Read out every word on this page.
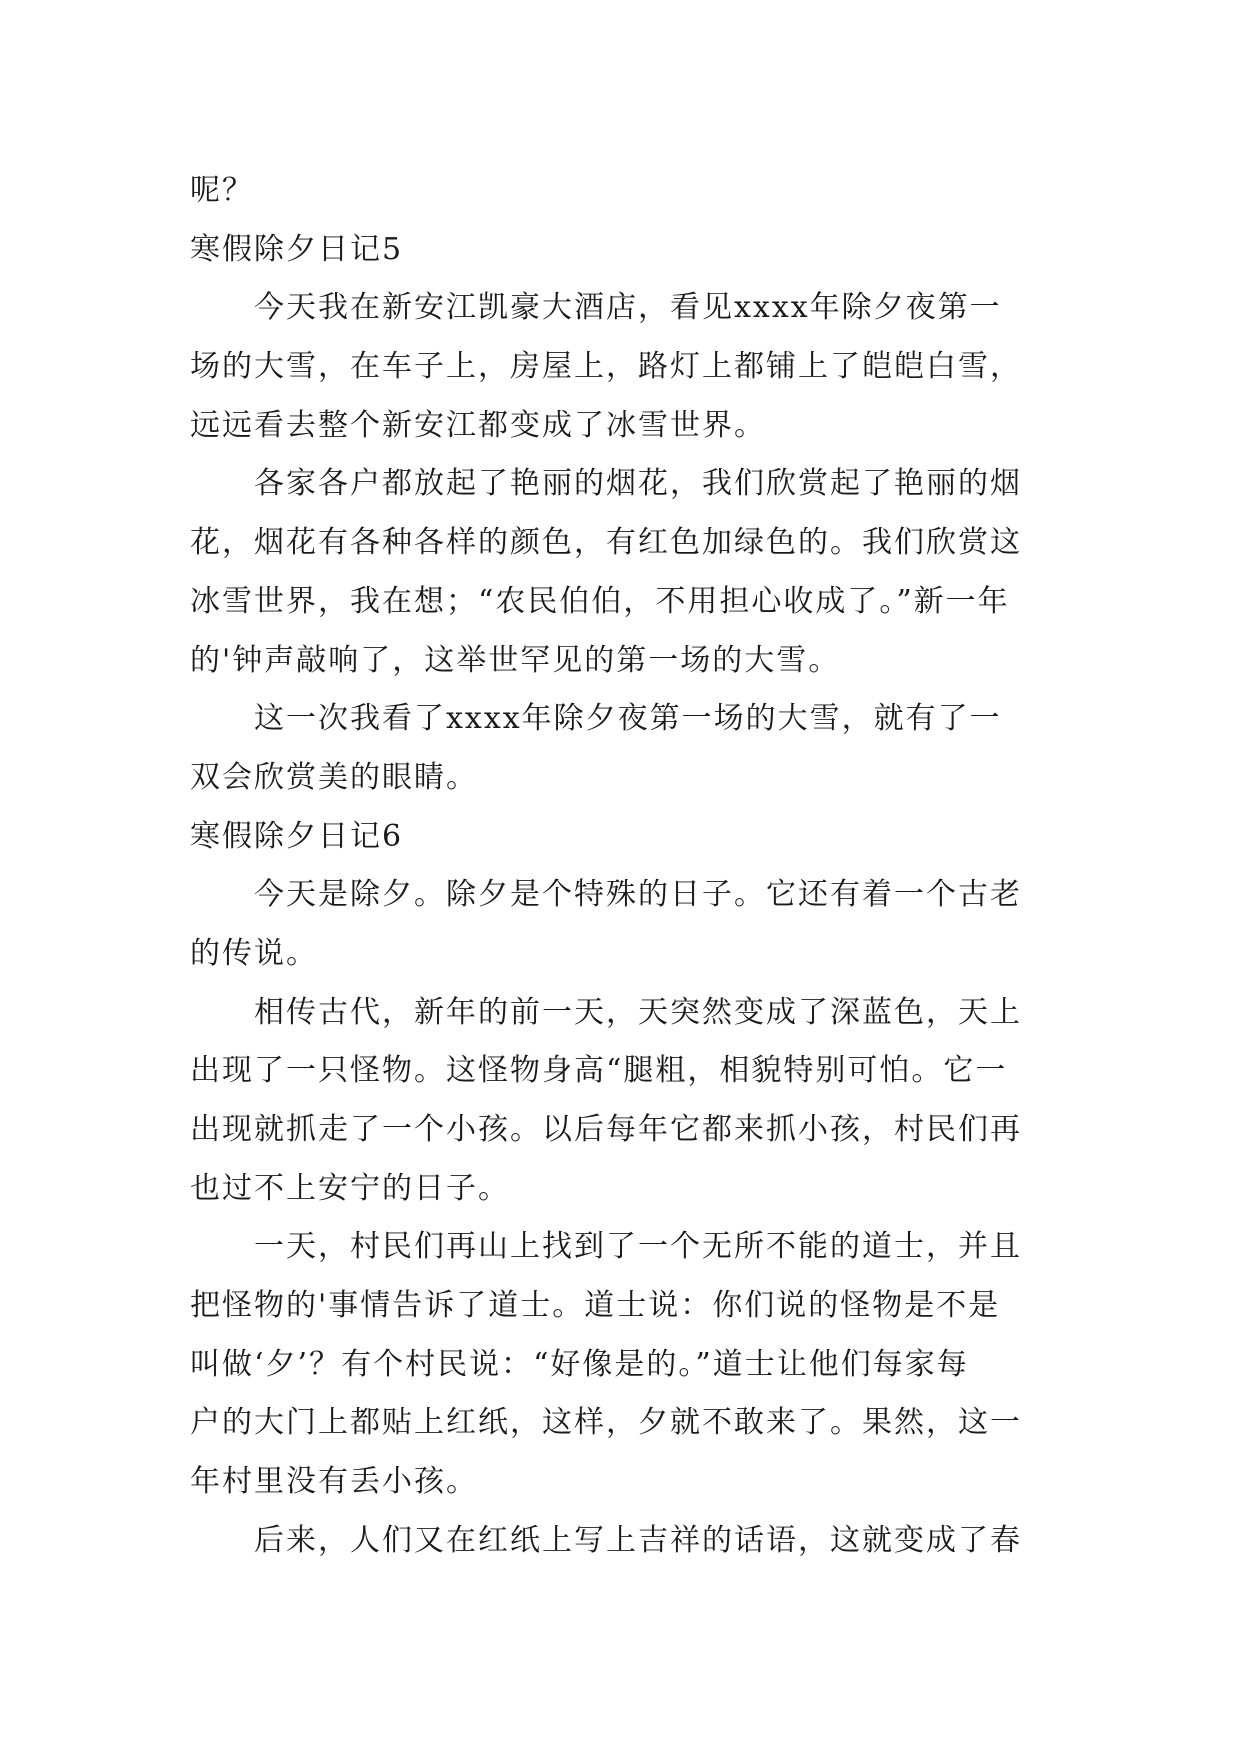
呢？
寒假除夕日记5
今天我在新安江凯豪大酒店，看见xxxx年除夕夜第一
场的大雪，在车子上，房屋上，路灯上都铺上了皑皑白雪，
远远看去整个新安江都变成了冰雪世界。
各家各户都放起了艳丽的烟花，我们欣赏起了艳丽的烟
花，烟花有各种各样的颜色，有红色加绿色的。我们欣赏这
冰雪世界，我在想；“农民伯伯，不用担心收成了。”新一年
的'钟声敲响了，这举世罕见的第一场的大雪。
这一次我看了xxxx年除夕夜第一场的大雪，就有了一
双会欣赏美的眼睛。
寒假除夕日记6
今天是除夕。除夕是个特殊的日子。它还有着一个古老
的传说。
相传古代，新年的前一天，天突然变成了深蓝色，天上
出现了一只怪物。这怪物身高“腿粗，相貌特别可怕。它一
出现就抓走了一个小孩。以后每年它都来抓小孩，村民们再
也过不上安宁的日子。
一天，村民们再山上找到了一个无所不能的道士，并且
把怪物的'事情告诉了道士。道士说：你们说的怪物是不是
叫做‘夕’？有个村民说：“好像是的。”道士让他们每家每
户的大门上都贴上红纸，这样，夕就不敢来了。果然，这一
年村里没有丢小孩。
后来，人们又在红纸上写上吉祥的话语，这就变成了春
